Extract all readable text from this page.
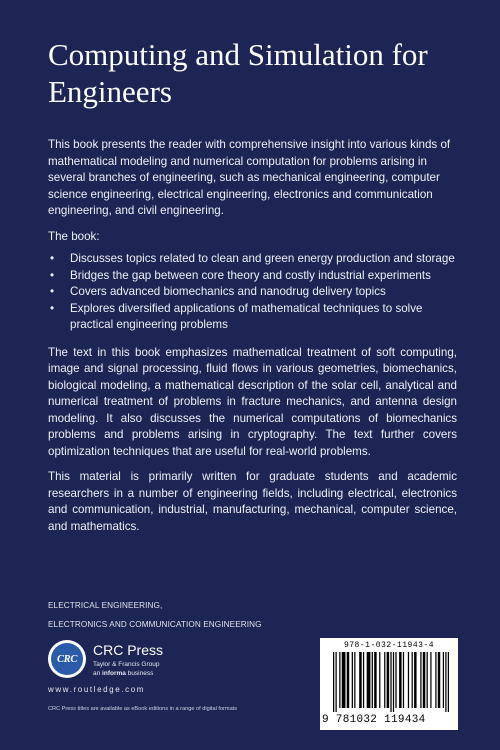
Computing and Simulation for Engineers

This book presents the reader with comprehensive insight into various kinds of mathematical modeling and numerical computation for problems arising in several branches of engineering, such as mechanical engineering, computer science engineering, electrical engineering, electronics and communication engineering, and civil engineering.

The book:

• Discusses topics related to clean and green energy production and storage
• Bridges the gap between core theory and costly industrial experiments
• Covers advanced biomechanics and nanodrug delivery topics
• Explores diversified applications of mathematical techniques to solve practical engineering problems

The text in this book emphasizes mathematical treatment of soft computing, image and signal processing, fluid flows in various geometries, biomechanics, biological modeling, a mathematical description of the solar cell, analytical and numerical treatment of problems in fracture mechanics, and antenna design modeling. It also discusses the numerical computations of biomechanics problems and problems arising in cryptography. The text further covers optimization techniques that are useful for real-world problems.

This material is primarily written for graduate students and academic researchers in a number of engineering fields, including electrical, electronics and communication, industrial, manufacturing, mechanical, computer science, and mathematics.

ELECTRICAL ENGINEERING,
ELECTRONICS AND COMMUNICATION ENGINEERING
CRC
CRC Press
Taylor & Francis Group
an informa business
www.routledge.com
CRC Press titles are available as eBook editions in a range of digital formats
978-1-032-11943-4
9 781032 119434
